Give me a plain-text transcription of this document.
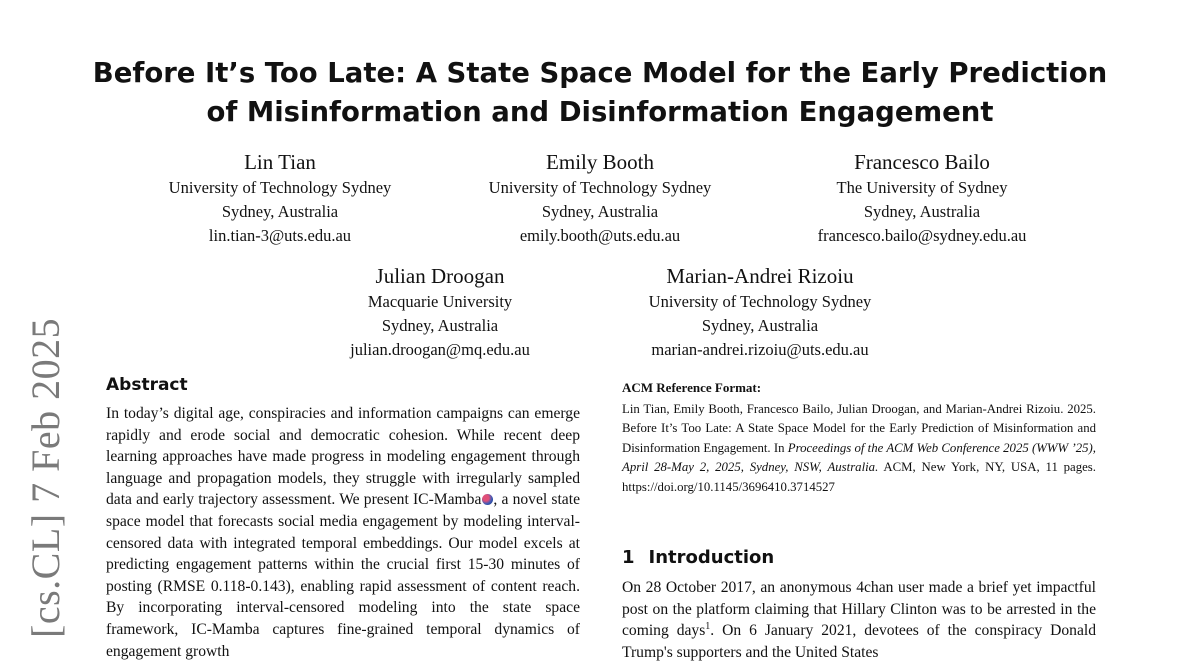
[cs.CL] 7 Feb 2025
Before It’s Too Late: A State Space Model for the Early Prediction
of Misinformation and Disinformation Engagement
Lin Tian
University of Technology Sydney
Sydney, Australia
lin.tian-3@uts.edu.au
Emily Booth
University of Technology Sydney
Sydney, Australia
emily.booth@uts.edu.au
Francesco Bailo
The University of Sydney
Sydney, Australia
francesco.bailo@sydney.edu.au
Julian Droogan
Macquarie University
Sydney, Australia
julian.droogan@mq.edu.au
Marian-Andrei Rizoiu
University of Technology Sydney
Sydney, Australia
marian-andrei.rizoiu@uts.edu.au
Abstract
In today’s digital age, conspiracies and information campaigns can emerge rapidly and erode social and democratic cohesion. While recent deep learning approaches have made progress in modeling engagement through language and propagation models, they struggle with irregularly sampled data and early trajectory assessment. We present IC-Mamba , a novel state space model that forecasts social media engagement by modeling interval-censored data with integrated temporal embeddings. Our model excels at predicting engagement patterns within the crucial first 15-30 minutes of posting (RMSE 0.118-0.143), enabling rapid assessment of content reach. By incorporating interval-censored modeling into the state space framework, IC-Mamba captures fine-grained temporal dynamics of engagement growth
ACM Reference Format:
Lin Tian, Emily Booth, Francesco Bailo, Julian Droogan, and Marian-Andrei Rizoiu. 2025. Before It’s Too Late: A State Space Model for the Early Prediction of Misinformation and Disinformation Engagement. In Proceedings of the ACM Web Conference 2025 (WWW ’25), April 28-May 2, 2025, Sydney, NSW, Australia. ACM, New York, NY, USA, 11 pages. https://doi.org/10.1145/3696410.3714527
1 Introduction
On 28 October 2017, an anonymous 4chan user made a brief yet impactful post on the platform claiming that Hillary Clinton was to be arrested in the coming days$^1$. On 6 January 2021, devotees of the conspiracy Donald Trump's supporters and the United States
